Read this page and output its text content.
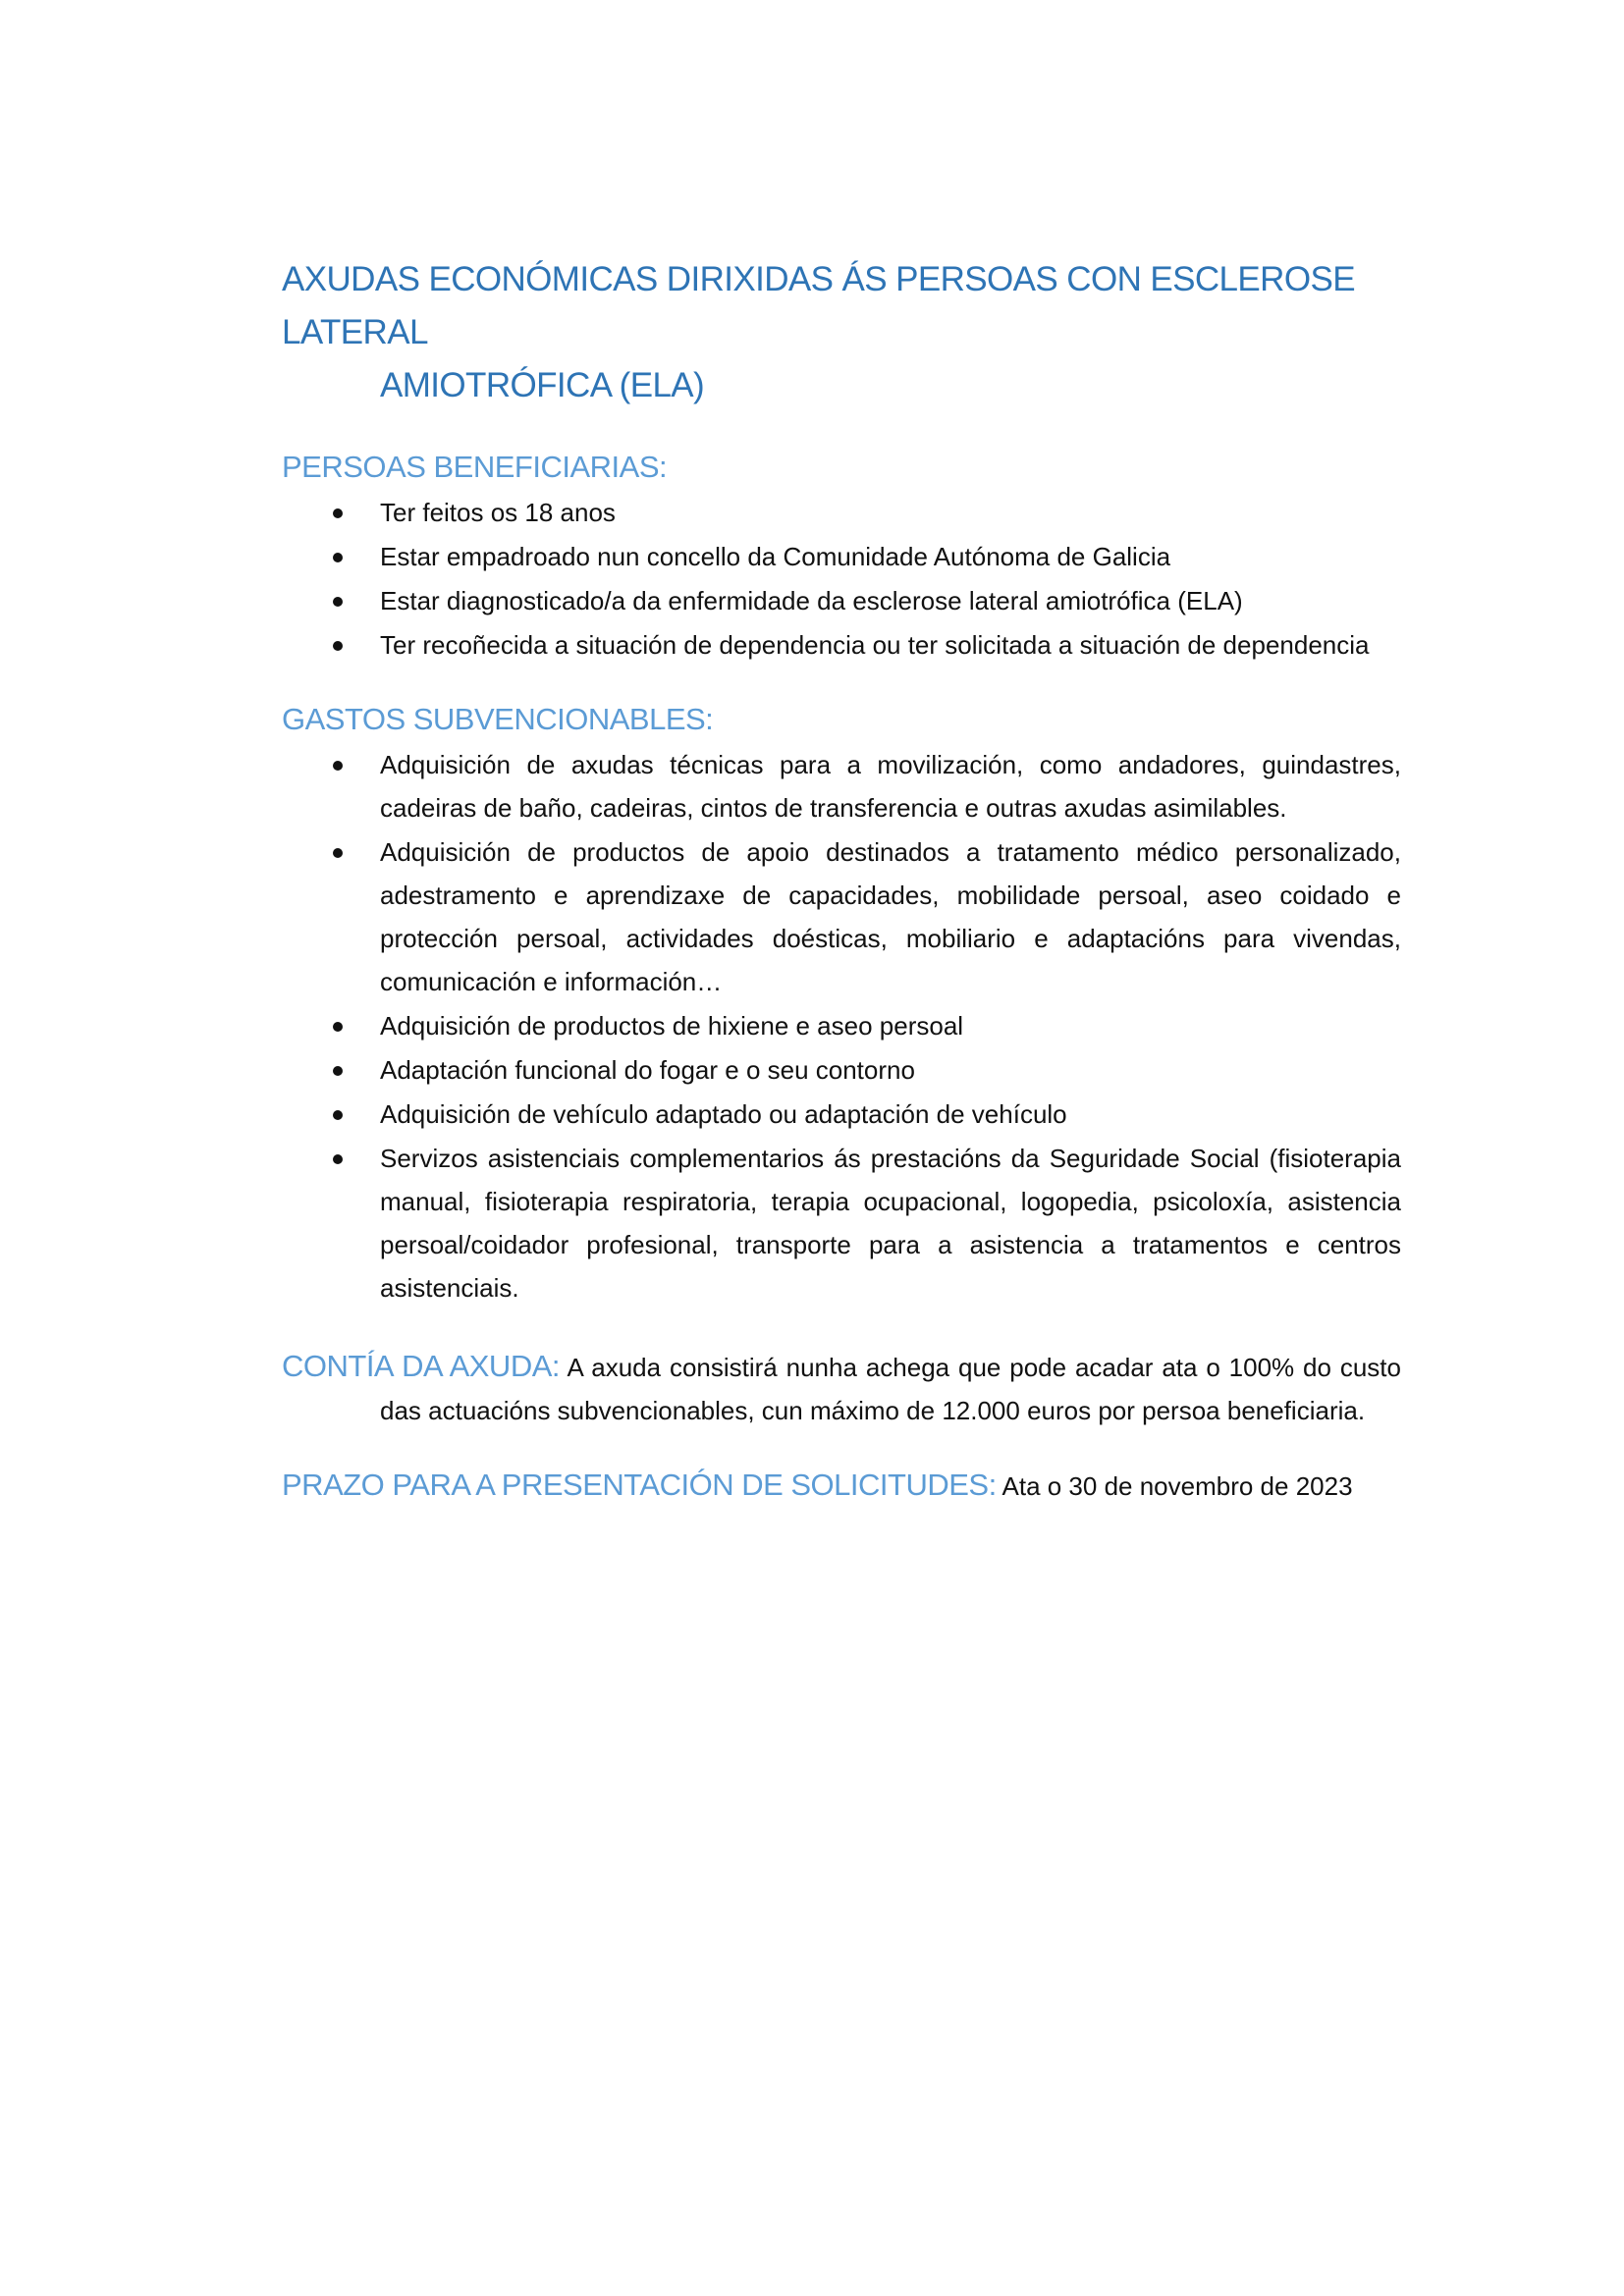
AXUDAS ECONÓMICAS DIRIXIDAS ÁS PERSOAS CON ESCLEROSE LATERAL
AMIOTRÓFICA (ELA)
PERSOAS BENEFICIARIAS:
Ter feitos os 18 anos
Estar empadroado nun concello da Comunidade Autónoma de Galicia
Estar diagnosticado/a da enfermidade da esclerose lateral amiotrófica (ELA)
Ter recoñecida a situación de dependencia ou ter solicitada a situación de dependencia
GASTOS SUBVENCIONABLES:
Adquisición de axudas técnicas para a movilización, como andadores, guindastres, cadeiras de baño, cadeiras, cintos de transferencia e outras axudas asimilables.
Adquisición de productos de apoio destinados a tratamento médico personalizado, adestramento e aprendizaxe de capacidades, mobilidade persoal, aseo coidado e protección persoal, actividades doésticas, mobiliario e adaptacións para vivendas, comunicación e información…
Adquisición de productos de hixiene e aseo persoal
Adaptación funcional do fogar e o seu contorno
Adquisición de vehículo adaptado ou adaptación de vehículo
Servizos asistenciais complementarios ás prestacións da Seguridade Social (fisioterapia manual, fisioterapia respiratoria, terapia ocupacional, logopedia, psicoloxía, asistencia persoal/coidador profesional, transporte para a asistencia a tratamentos e centros asistenciais.

CONTÍA DA AXUDA: A axuda consistirá nunha achega que pode acadar ata o 100% do custo das actuacións subvencionables, cun máximo de 12.000 euros por persoa beneficiaria.

PRAZO PARA A PRESENTACIÓN DE SOLICITUDES: Ata o 30 de novembro de 2023
